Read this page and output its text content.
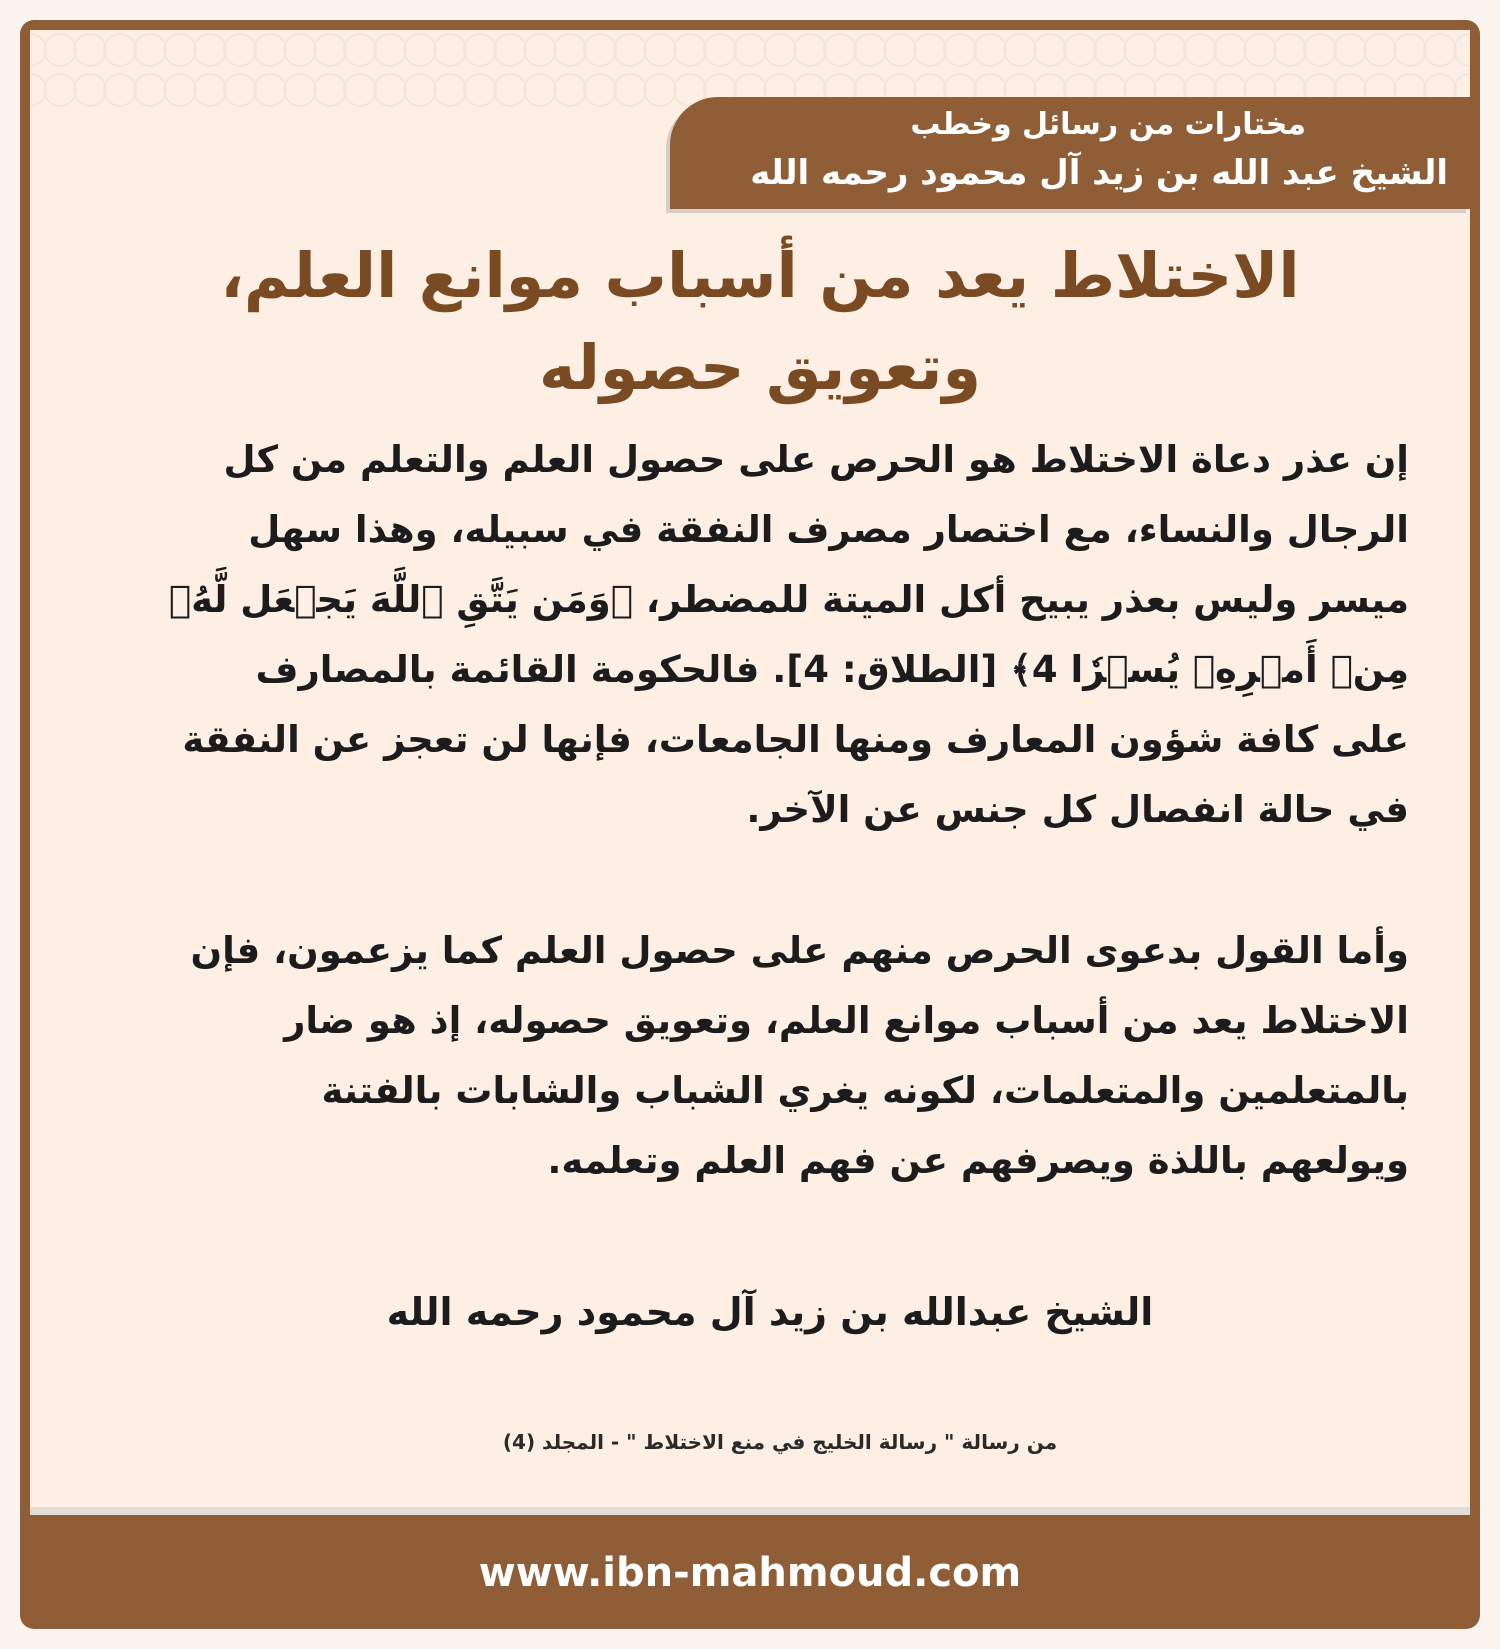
مختارات من رسائل وخطب
الشيخ عبد الله بن زيد آل محمود رحمه الله
الاختلاط يعد من أسباب موانع العلم، وتعويق حصوله
إن عذر دعاة الاختلاط هو الحرص على حصول العلم والتعلم من كل الرجال والنساء، مع اختصار مصرف النفقة في سبيله، وهذا سهل ميسر وليس بعذر يبيح أكل الميتة للمضطر، ﴿وَمَن يَتَّقِ ٱللَّهَ يَجۡعَل لَّهُۥ مِنۡ أَمۡرِهِۦ يُسۡرٗا 4﴾ [الطلاق: 4]. فالحكومة القائمة بالمصارف على كافة شؤون المعارف ومنها الجامعات، فإنها لن تعجز عن النفقة في حالة انفصال كل جنس عن الآخر.
وأما القول بدعوى الحرص منهم على حصول العلم كما يزعمون، فإن الاختلاط يعد من أسباب موانع العلم، وتعويق حصوله، إذ هو ضار بالمتعلمين والمتعلمات، لكونه يغري الشباب والشابات بالفتنة ويولعهم باللذة ويصرفهم عن فهم العلم وتعلمه.
الشيخ عبدالله بن زيد آل محمود رحمه الله
من رسالة " رسالة الخليج في منع الاختلاط " - المجلد (4)
www.ibn-mahmoud.com
